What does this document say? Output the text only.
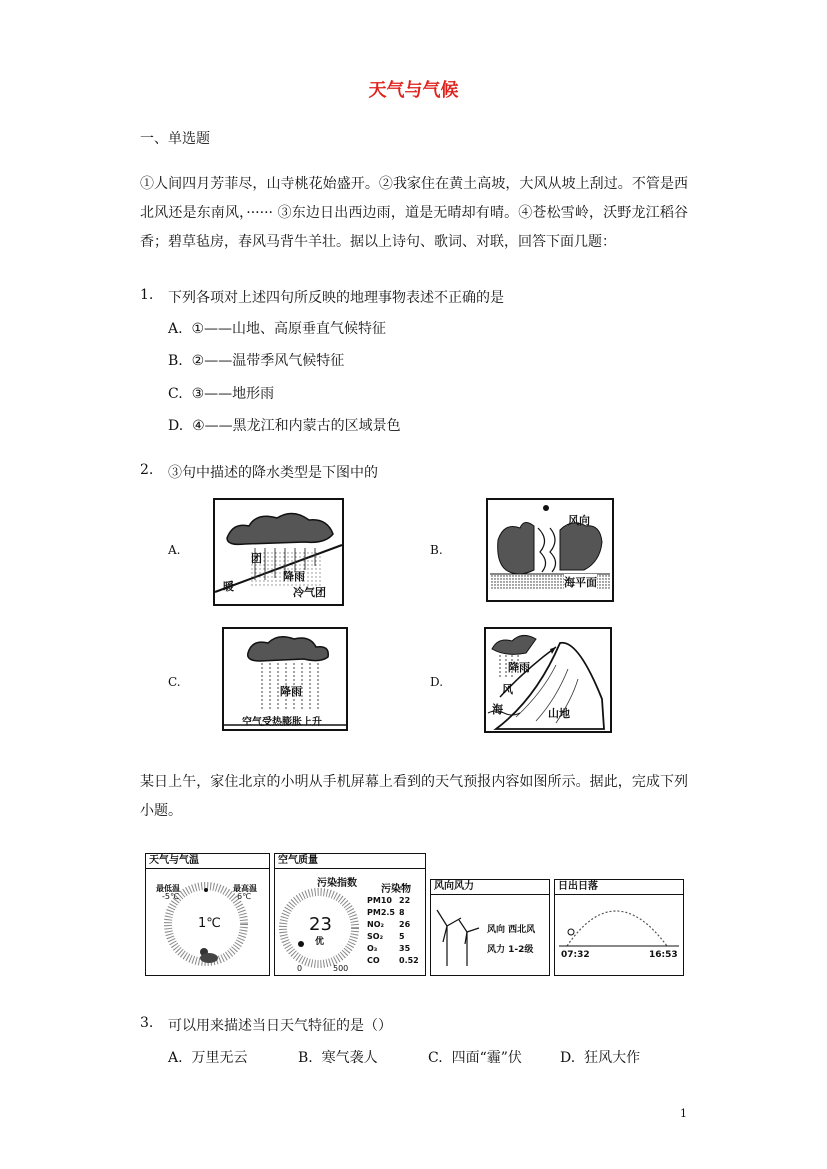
天气与气候
一、单选题
①人间四月芳菲尽，山寺桃花始盛开。②我家住在黄土高坡，大风从坡上刮过。不管是西北风还是东南风，······ ③东边日出西边雨，道是无晴却有晴。④苍松雪岭，沃野龙江稻谷香；碧草毡房，春风马背牛羊壮。据以上诗句、歌词、对联，回答下面几题：
1. 下列各项对上述四句所反映的地理事物表述不正确的是
A. ①——山地、高原垂直气候特征
B. ②——温带季风气候特征
C. ③——地形雨
D. ④——黑龙江和内蒙古的区域景色
2. ③句中描述的降水类型是下图中的
A.	B.
C.	D.
团
暖
降雨
冷气团
风向
海平面
降雨
空气受热膨胀上升
降雨
风
海	山地
某日上午，家住北京的小明从手机屏幕上看到的天气预报内容如图所示。据此，完成下列小题。
天气与气温
最低温
-5℃
最高温
6℃
1℃
空气质量
污染指数
23
优
0	500
污染物
PM10 22
PM2.5 8
NO₂ 26
SO₂ 5
O₃	35
CO 0.52
风向风力
风向 西北风
风力 1-2级
日出日落
07:32	16:53
3. 可以用来描述当日天气特征的是（）
A. 万里无云	B. 寒气袭人	C. 四面“霾”伏	D. 狂风大作
1
